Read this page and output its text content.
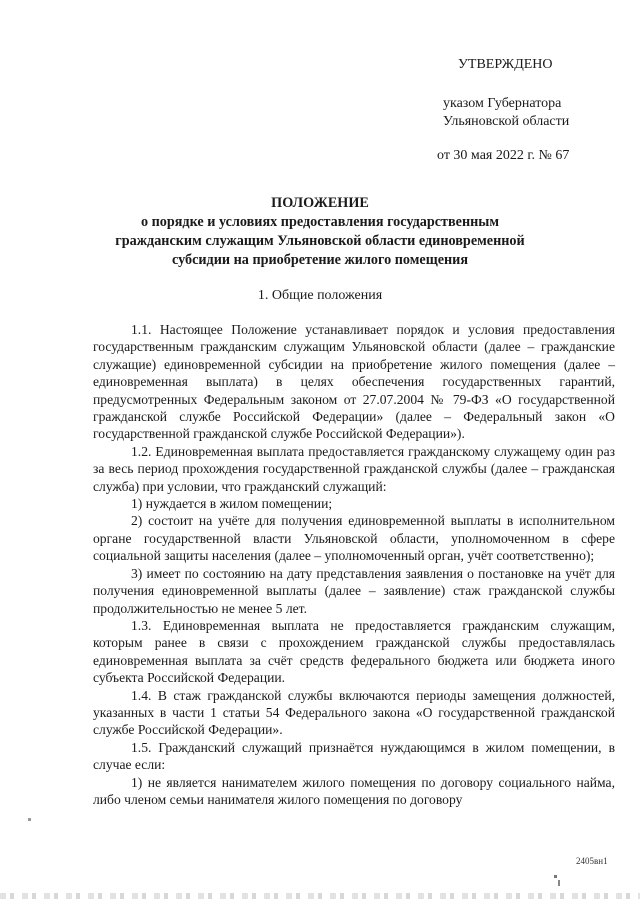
УТВЕРЖДЕНО
указом Губернатора
Ульяновской области
от 30 мая 2022 г. № 67
ПОЛОЖЕНИЕ
о порядке и условиях предоставления государственным
гражданским служащим Ульяновской области единовременной
субсидии на приобретение жилого помещения
1. Общие положения

1.1. Настоящее Положение устанавливает порядок и условия предоставления государственным гражданским служащим Ульяновской области (далее – гражданские служащие) единовременной субсидии на приобретение жилого помещения (далее – единовременная выплата) в целях обеспечения государственных гарантий, предусмотренных Федеральным законом от 27.07.2004 № 79-ФЗ «О государственной гражданской службе Российской Федерации» (далее – Федеральный закон «О государственной гражданской службе Российской Федерации»).

1.2. Единовременная выплата предоставляется гражданскому служащему один раз за весь период прохождения государственной гражданской службы (далее – гражданская служба) при условии, что гражданский служащий:

1) нуждается в жилом помещении;

2) состоит на учёте для получения единовременной выплаты в исполнительном органе государственной власти Ульяновской области, уполномоченном в сфере социальной защиты населения (далее – уполномоченный орган, учёт соответственно);

3) имеет по состоянию на дату представления заявления о постановке на учёт для получения единовременной выплаты (далее – заявление) стаж гражданской службы продолжительностью не менее 5 лет.

1.3. Единовременная выплата не предоставляется гражданским служащим, которым ранее в связи с прохождением гражданской службы предоставлялась единовременная выплата за счёт средств федерального бюджета или бюджета иного субъекта Российской Федерации.

1.4. В стаж гражданской службы включаются периоды замещения должностей, указанных в части 1 статьи 54 Федерального закона «О государственной гражданской службе Российской Федерации».

1.5. Гражданский служащий признаётся нуждающимся в жилом помещении, в случае если:

1) не является нанимателем жилого помещения по договору социального найма, либо членом семьи нанимателя жилого помещения по договору

2405вн1
